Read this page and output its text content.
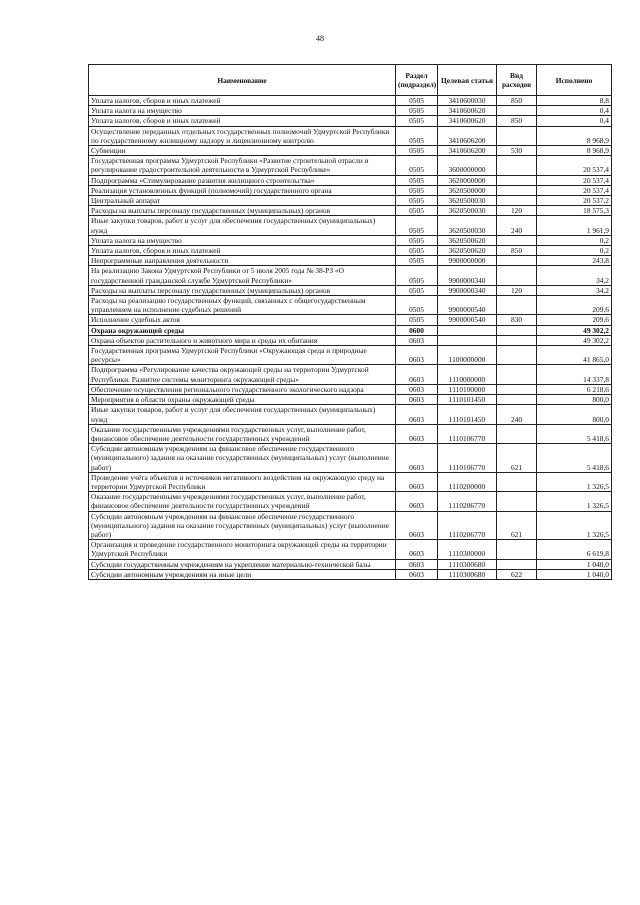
48
Наименование	Раздел (подраздел)	Целевая статья	Вид расходов	Исполнено
Уплата налогов, сборов и иных платежей	0505	3410600030	850	8,8
Уплата налога на имущество	0505	3410600620		0,4
Уплата налогов, сборов и иных платежей	0505	3410600620	850	0,4
Осуществление переданных отдельных государственных полномочий Удмуртской Республики по государственному жилищному надзору и лицензионному контролю	0505	3410606200		8 968,9
Субвенции	0505	3410606200	530	8 968,9
Государственная программа Удмуртской Республики «Развитие строительной отрасли и регулирование градостроительной деятельности в Удмуртской Республике»	0505	3600000000		20 537,4
Подпрограмма «Стимулирование развития жилищного строительства»	0505	3620000000		20 537,4
Реализация установленных функций (полномочий) государственного органа	0505	3620500000		20 537,4
Центральный аппарат	0505	3620500030		20 537,2
Расходы на выплаты персоналу государственных (муниципальных) органов	0505	3620500030	120	18 575,3
Иные закупки товаров, работ и услуг для обеспечения государственных (муниципальных) нужд	0505	3620500030	240	1 961,9
Уплата налога на имущество	0505	3620500620		0,2
Уплата налогов, сборов и иных платежей	0505	3620500620	850	0,2
Непрограммные направления деятельности	0505	9900000000		243,8
На реализацию Закона Удмуртской Республики от 5 июля 2005 года № 38-РЗ «О государственной гражданской службе Удмуртской Республики»	0505	9900000340		34,2
Расходы на выплаты персоналу государственных (муниципальных) органов	0505	9900000340	120	34,2
Расходы на реализацию государственных функций, связанных с общегосударственным управлением на исполнение судебных решений	0505	9900000540		209,6
Исполнение судебных актов	0505	9900000540	830	209,6
Охрана окружающей среды	0600			49 302,2
Охрана объектов растительного и животного мира и среды их обитания	0603			49 302,2
Государственная программа Удмуртской Республики «Окружающая среда и природные ресурсы»	0603	1100000000		41 865,0
Подпрограмма «Регулирование качества окружающей среды на территории Удмуртской Республики. Развитие системы мониторинга окружающей среды»	0603	1110000000		14 337,8
Обеспечение осуществления регионального государственного экологического надзора	0603	1110100000		6 218,6
Мероприятия в области охраны окружающей среды	0603	1110101450		800,0
Иные закупки товаров, работ и услуг для обеспечения государственных (муниципальных) нужд	0603	1110101450	240	800,0
Оказание государственными учреждениями государственных услуг, выполнение работ, финансовое обеспечение деятельности государственных учреждений	0603	1110106770		5 418,6
Субсидии автономным учреждениям на финансовое обеспечение государственного (муниципального) задания на оказание государственных (муниципальных) услуг (выполнение работ)	0603	1110106770	621	5 418,6
Проведение учёта объектов и источников негативного воздействия на окружающую среду на территории Удмуртской Республики	0603	1110200000		1 326,5
Оказание государственными учреждениями государственных услуг, выполнение работ, финансовое обеспечение деятельности государственных учреждений	0603	1110206770		1 326,5
Субсидии автономным учреждениям на финансовое обеспечение государственного (муниципального) задания на оказание государственных (муниципальных) услуг (выполнение работ)	0603	1110206770	621	1 326,5
Организация и проведение государственного мониторинга окружающей среды на территории Удмуртской Республики	0603	1110300000		6 619,8
Субсидии государственным учреждениям на укрепление материально-технической базы	0603	1110300680		1 040,0
Субсидии автономным учреждениям на иные цели	0603	1110300680	622	1 040,0
